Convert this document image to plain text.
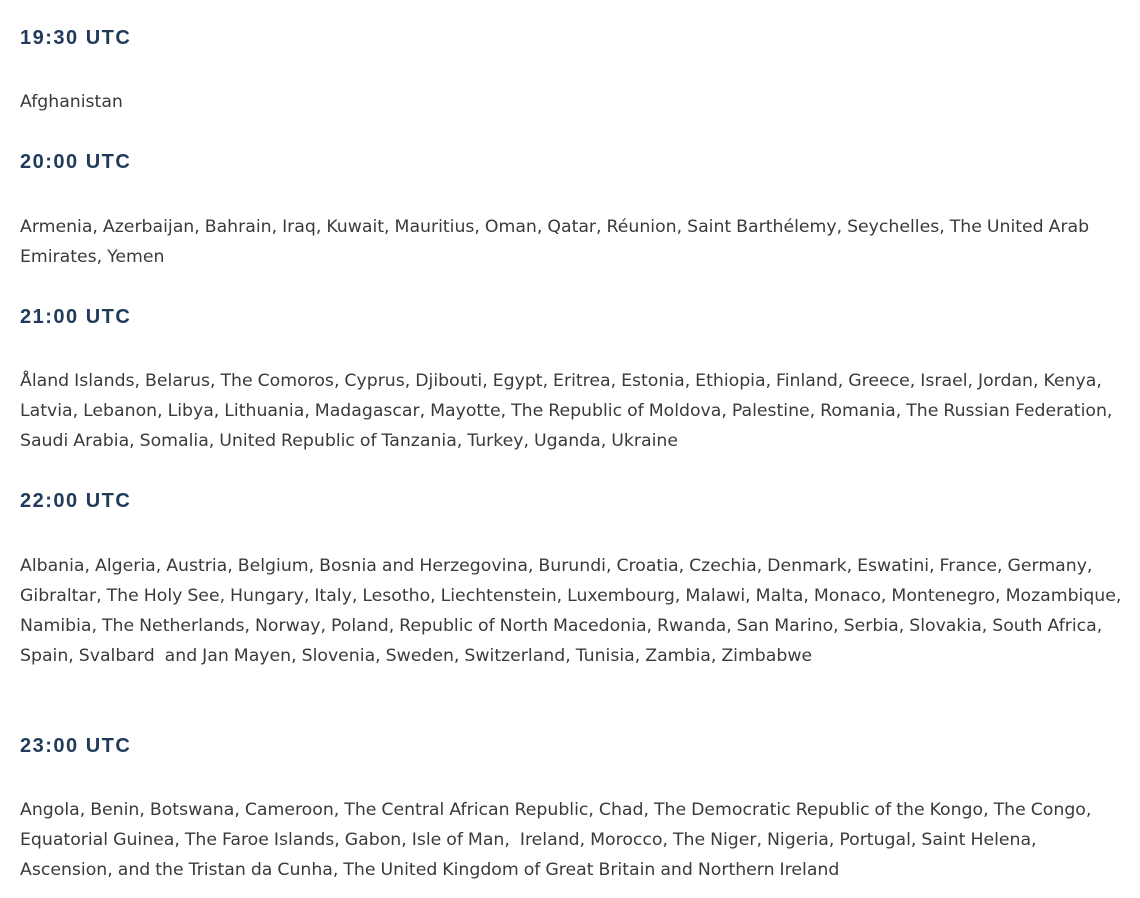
19:30 UTC

Afghanistan

20:00 UTC

Armenia, Azerbaijan, Bahrain, Iraq, Kuwait, Mauritius, Oman, Qatar, Réunion, Saint Barthélemy, Seychelles, The United Arab Emirates, Yemen

21:00 UTC

Åland Islands, Belarus, The Comoros, Cyprus, Djibouti, Egypt, Eritrea, Estonia, Ethiopia, Finland, Greece, Israel, Jordan, Kenya, Latvia, Lebanon, Libya, Lithuania, Madagascar, Mayotte, The Republic of Moldova, Palestine, Romania, The Russian Federation, Saudi Arabia, Somalia, United Republic of Tanzania, Turkey, Uganda, Ukraine

22:00 UTC

Albania, Algeria, Austria, Belgium, Bosnia and Herzegovina, Burundi, Croatia, Czechia, Denmark, Eswatini, France, Germany, Gibraltar, The Holy See, Hungary, Italy, Lesotho, Liechtenstein, Luxembourg, Malawi, Malta, Monaco, Montenegro, Mozambique, Namibia, The Netherlands, Norway, Poland, Republic of North Macedonia, Rwanda, San Marino, Serbia, Slovakia, South Africa, Spain, Svalbard  and Jan Mayen, Slovenia, Sweden, Switzerland, Tunisia, Zambia, Zimbabwe

23:00 UTC

Angola, Benin, Botswana, Cameroon, The Central African Republic, Chad, The Democratic Republic of the Kongo, The Congo, Equatorial Guinea, The Faroe Islands, Gabon, Isle of Man,  Ireland, Morocco, The Niger, Nigeria, Portugal, Saint Helena, Ascension, and the Tristan da Cunha, The United Kingdom of Great Britain and Northern Ireland
